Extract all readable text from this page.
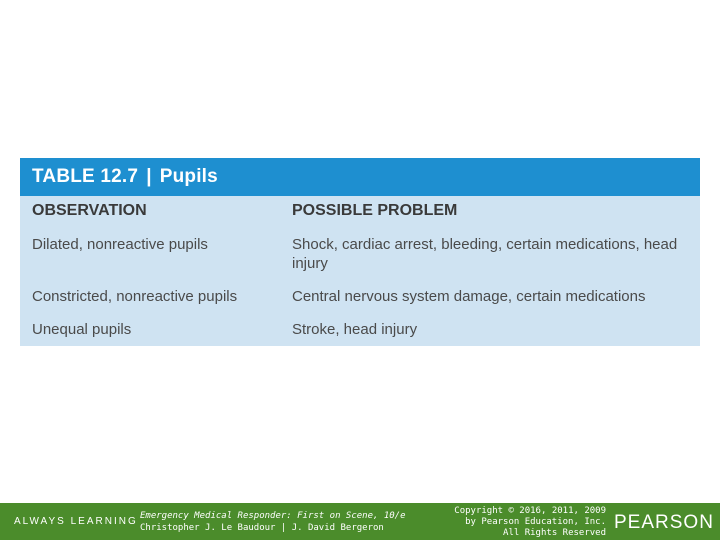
TABLE 12.7 | Pupils
OBSERVATION	POSSIBLE PROBLEM
Dilated, nonreactive pupils	Shock, cardiac arrest, bleeding, certain medications, head injury
Constricted, nonreactive pupils	Central nervous system damage, certain medications
Unequal pupils	Stroke, head injury
ALWAYS LEARNING Emergency Medical Responder: First on Scene, 10/e
Christopher J. Le Baudour | J. David Bergeron
Copyright © 2016, 2011, 2009
by Pearson Education, Inc.
All Rights Reserved PEARSON
